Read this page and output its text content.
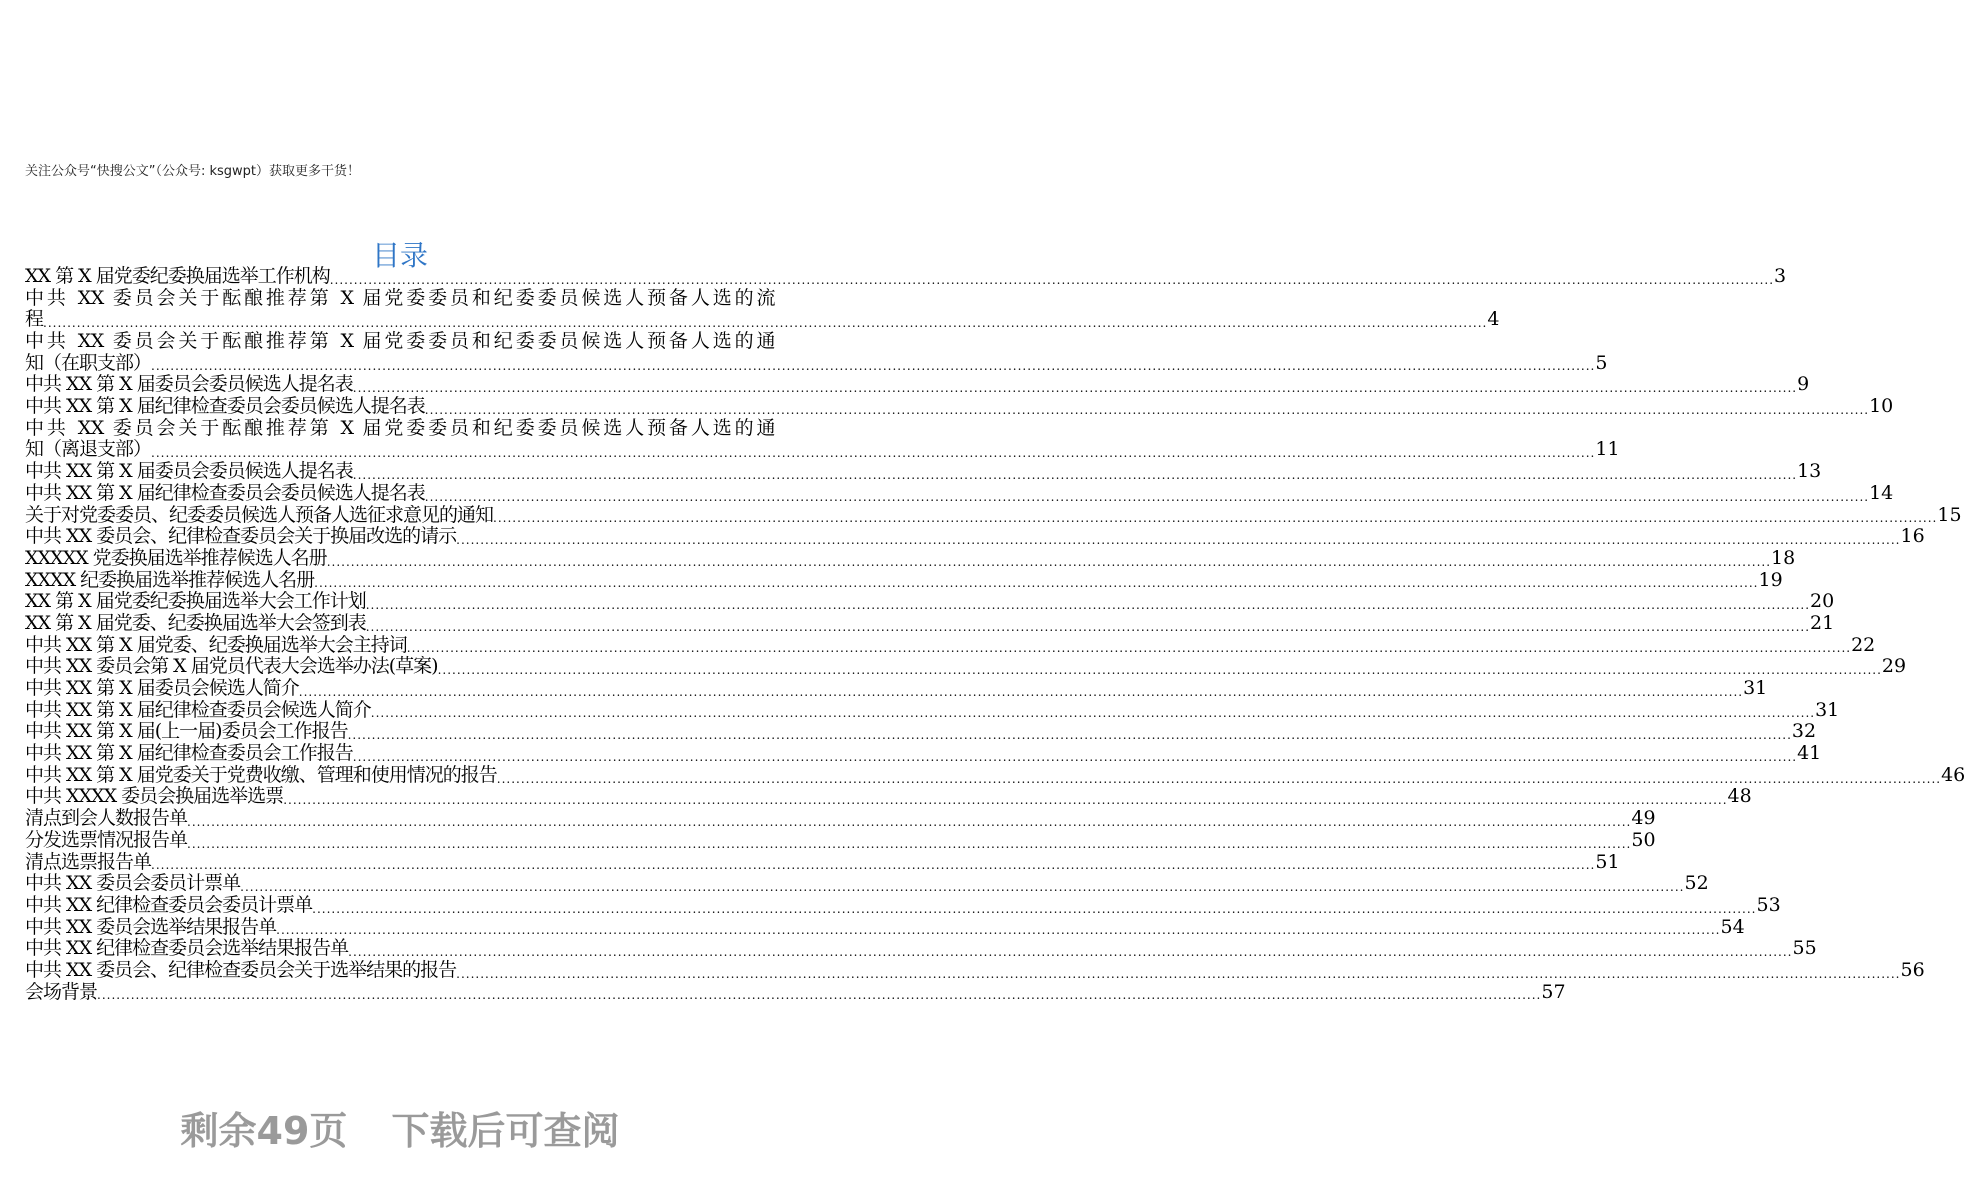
关注公众号“快搜公文”（公众号: ksgwpt）获取更多干货！
目录
XX 第 X 届党委纪委换届选举工作机构 ............................................................................................................................................................................................................................................................................................................ 3
中共 XX 委员会关于酝酿推荐第 X 届党委委员和纪委委员候选人预备人选的流
程 ............................................................................................................................................................................................................................................................................................................ 4
中共 XX 委员会关于酝酿推荐第 X 届党委委员和纪委委员候选人预备人选的通
知（在职支部） ............................................................................................................................................................................................................................................................................................................ 5
中共 XX 第 X 届委员会委员候选人提名表 ............................................................................................................................................................................................................................................................................................................ 9
中共 XX 第 X 届纪律检查委员会委员候选人提名表 ............................................................................................................................................................................................................................................................................................................ 10
中共 XX 委员会关于酝酿推荐第 X 届党委委员和纪委委员候选人预备人选的通
知（离退支部） ............................................................................................................................................................................................................................................................................................................ 11
中共 XX 第 X 届委员会委员候选人提名表 ............................................................................................................................................................................................................................................................................................................ 13
中共 XX 第 X 届纪律检查委员会委员候选人提名表 ............................................................................................................................................................................................................................................................................................................ 14
关于对党委委员、纪委委员候选人预备人选征求意见的通知 ............................................................................................................................................................................................................................................................................................................ 15
中共 XX 委员会、纪律检查委员会关于换届改选的请示 ............................................................................................................................................................................................................................................................................................................ 16
XXXXX 党委换届选举推荐候选人名册 ............................................................................................................................................................................................................................................................................................................ 18
XXXX 纪委换届选举推荐候选人名册 ............................................................................................................................................................................................................................................................................................................ 19
XX 第 X 届党委纪委换届选举大会工作计划 ............................................................................................................................................................................................................................................................................................................ 20
XX 第 X 届党委、纪委换届选举大会签到表 ............................................................................................................................................................................................................................................................................................................ 21
中共 XX 第 X 届党委、纪委换届选举大会主持词 ............................................................................................................................................................................................................................................................................................................ 22
中共 XX 委员会第 X 届党员代表大会选举办法(草案) ............................................................................................................................................................................................................................................................................................................ 29
中共 XX 第 X 届委员会候选人简介 ............................................................................................................................................................................................................................................................................................................ 31
中共 XX 第 X 届纪律检查委员会候选人简介 ............................................................................................................................................................................................................................................................................................................ 31
中共 XX 第 X 届(上一届)委员会工作报告 ............................................................................................................................................................................................................................................................................................................ 32
中共 XX 第 X 届纪律检查委员会工作报告 ............................................................................................................................................................................................................................................................................................................ 41
中共 XX 第 X 届党委关于党费收缴、管理和使用情况的报告 ............................................................................................................................................................................................................................................................................................................ 46
中共 XXXX 委员会换届选举选票 ............................................................................................................................................................................................................................................................................................................ 48
清点到会人数报告单 ............................................................................................................................................................................................................................................................................................................ 49
分发选票情况报告单 ............................................................................................................................................................................................................................................................................................................ 50
清点选票报告单 ............................................................................................................................................................................................................................................................................................................ 51
中共 XX 委员会委员计票单 ............................................................................................................................................................................................................................................................................................................ 52
中共 XX 纪律检查委员会委员计票单 ............................................................................................................................................................................................................................................................................................................ 53
中共 XX 委员会选举结果报告单 ............................................................................................................................................................................................................................................................................................................ 54
中共 XX 纪律检查委员会选举结果报告单 ............................................................................................................................................................................................................................................................................................................ 55
中共 XX 委员会、纪律检查委员会关于选举结果的报告 ............................................................................................................................................................................................................................................................................................................ 56
会场背景 ............................................................................................................................................................................................................................................................................................................ 57
剩余49页 下载后可查阅
